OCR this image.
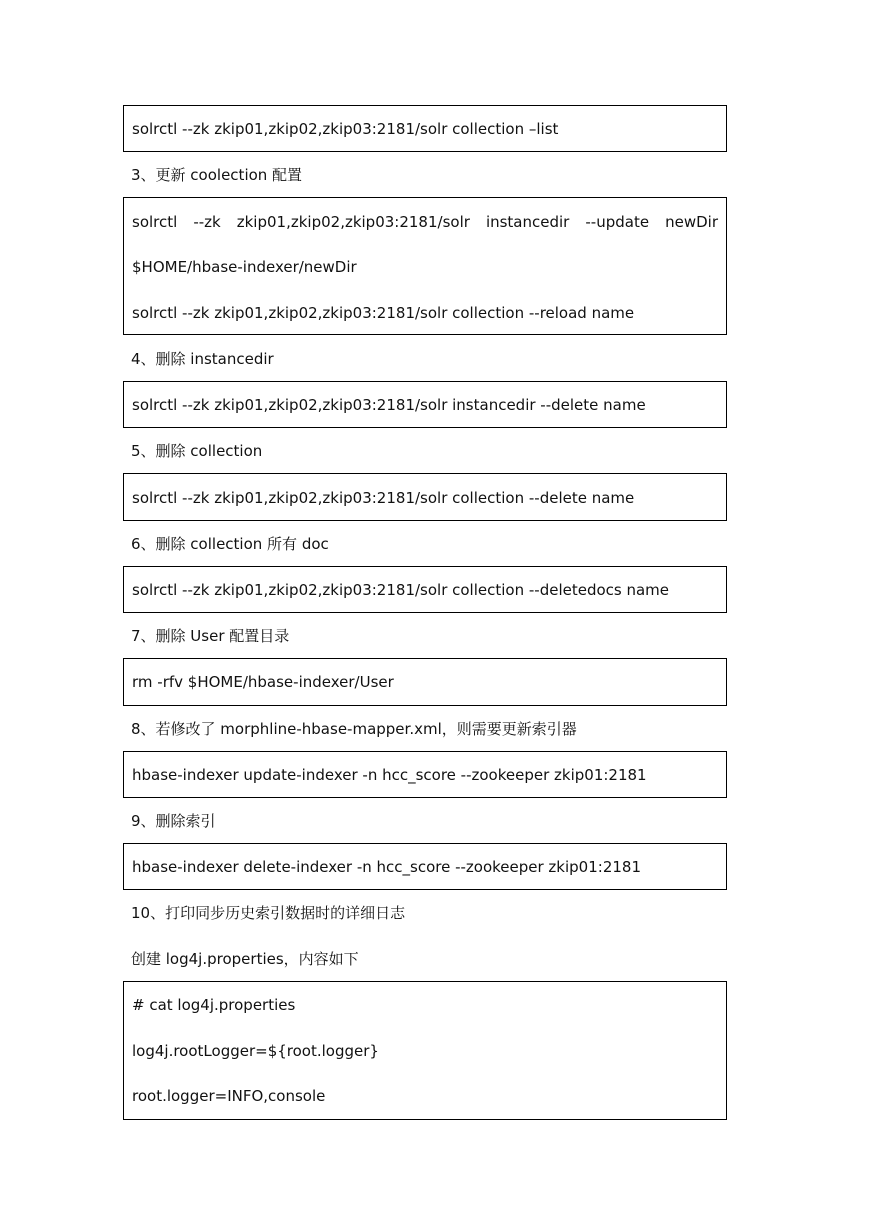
solrctl --zk zkip01,zkip02,zkip03:2181/solr collection –list
3、更新 coolection 配置
solrctl --zk zkip01,zkip02,zkip03:2181/solr instancedir --update newDir
$HOME/hbase-indexer/newDir
solrctl --zk zkip01,zkip02,zkip03:2181/solr collection --reload name
4、删除 instancedir
solrctl --zk zkip01,zkip02,zkip03:2181/solr instancedir --delete name
5、删除 collection
solrctl --zk zkip01,zkip02,zkip03:2181/solr collection --delete name
6、删除 collection 所有 doc
solrctl --zk zkip01,zkip02,zkip03:2181/solr collection --deletedocs name
7、删除 User 配置目录
rm -rfv $HOME/hbase-indexer/User
8、若修改了 morphline-hbase-mapper.xml，则需要更新索引器
hbase-indexer update-indexer -n hcc_score --zookeeper zkip01:2181
9、删除索引
hbase-indexer delete-indexer -n hcc_score --zookeeper zkip01:2181
10、打印同步历史索引数据时的详细日志
创建 log4j.properties，内容如下
# cat log4j.properties
log4j.rootLogger=${root.logger}
root.logger=INFO,console
